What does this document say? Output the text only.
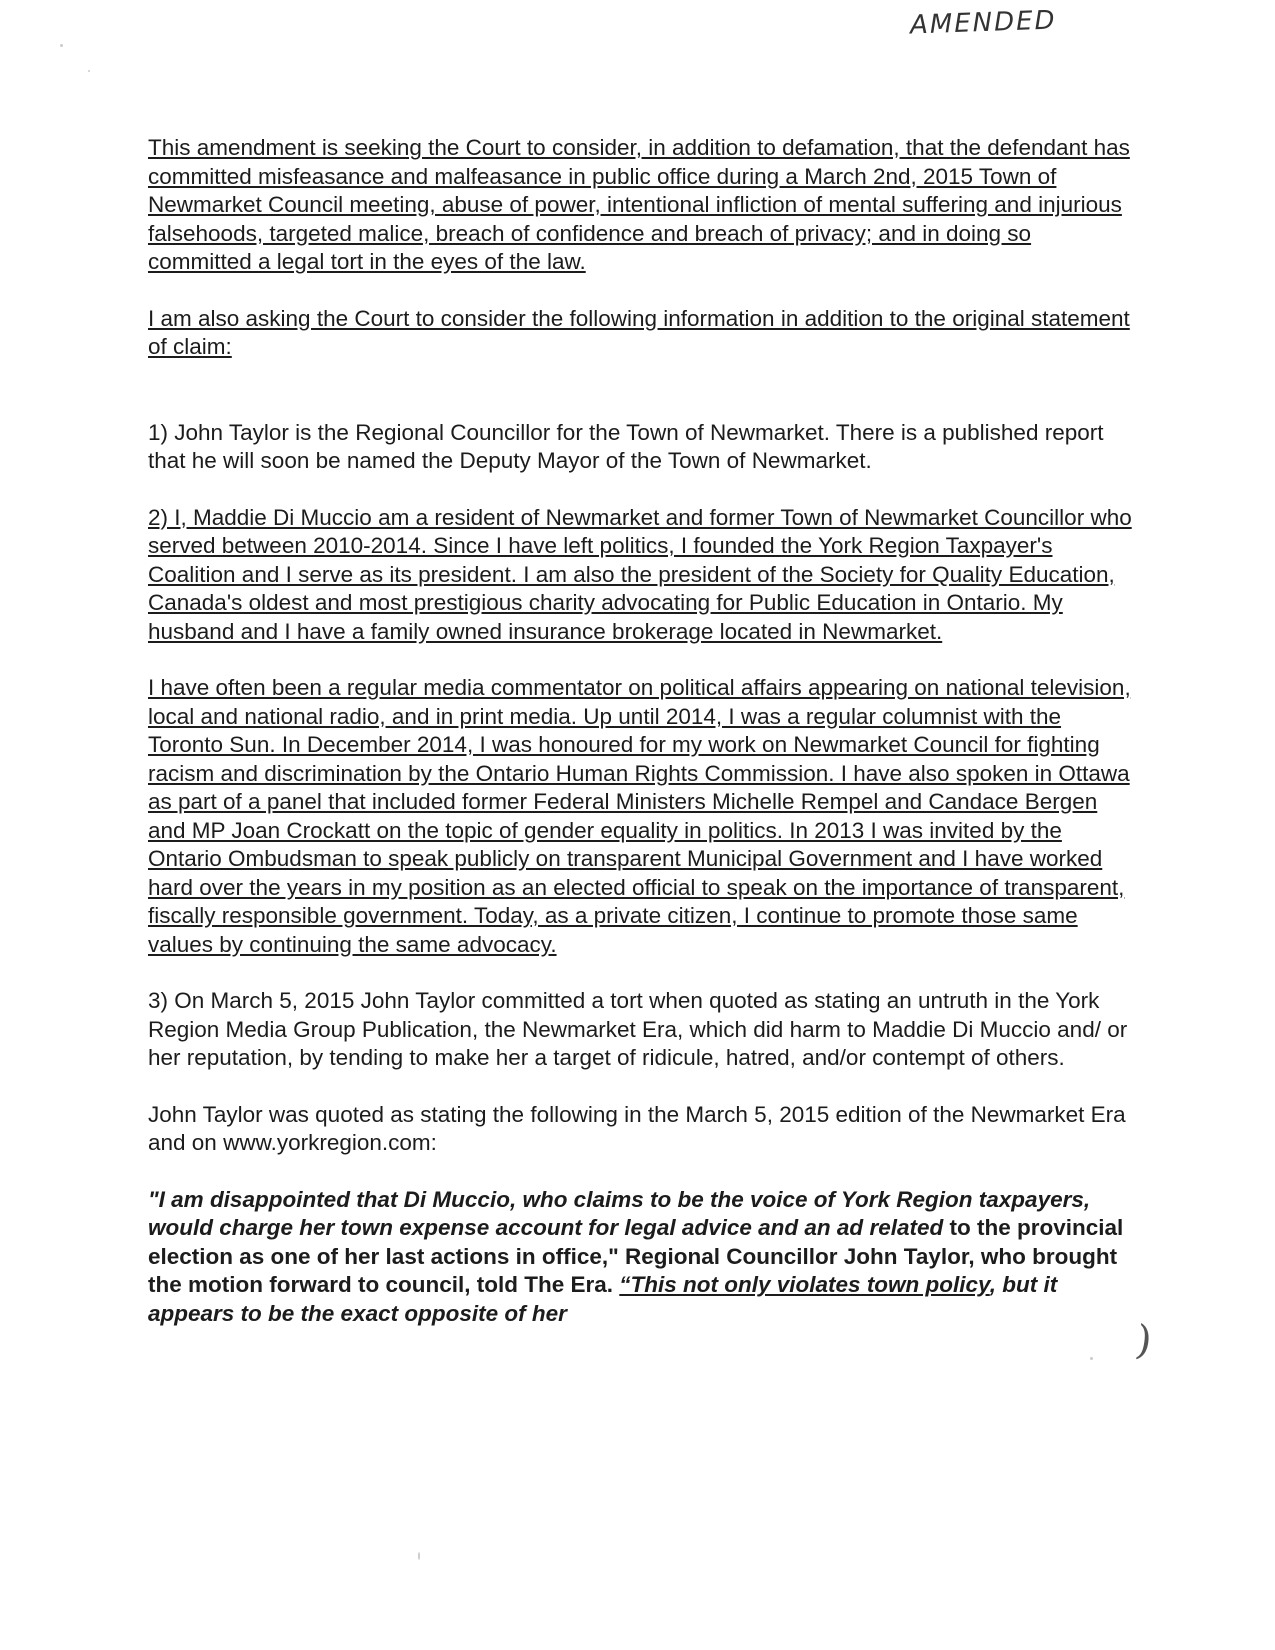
AMENDED

This amendment is seeking the Court to consider, in addition to defamation, that the defendant has committed misfeasance and malfeasance in public office during a March 2nd, 2015 Town of Newmarket Council meeting, abuse of power, intentional infliction of mental suffering and injurious falsehoods, targeted malice, breach of confidence and breach of privacy; and in doing so committed a legal tort in the eyes of the law.

I am also asking the Court to consider the following information in addition to the original statement of claim:

1) John Taylor is the Regional Councillor for the Town of Newmarket. There is a published report that he will soon be named the Deputy Mayor of the Town of Newmarket.

2) I, Maddie Di Muccio am a resident of Newmarket and former Town of Newmarket Councillor who served between 2010-2014. Since I have left politics, I founded the York Region Taxpayer's Coalition and I serve as its president. I am also the president of the Society for Quality Education, Canada's oldest and most prestigious charity advocating for Public Education in Ontario. My husband and I have a family owned insurance brokerage located in Newmarket.

I have often been a regular media commentator on political affairs appearing on national television, local and national radio, and in print media. Up until 2014, I was a regular columnist with the Toronto Sun. In December 2014, I was honoured for my work on Newmarket Council for fighting racism and discrimination by the Ontario Human Rights Commission. I have also spoken in Ottawa as part of a panel that included former Federal Ministers Michelle Rempel and Candace Bergen and MP Joan Crockatt on the topic of gender equality in politics. In 2013 I was invited by the Ontario Ombudsman to speak publicly on transparent Municipal Government and I have worked hard over the years in my position as an elected official to speak on the importance of transparent, fiscally responsible government. Today, as a private citizen, I continue to promote those same values by continuing the same advocacy.

3) On March 5, 2015 John Taylor committed a tort when quoted as stating an untruth in the York Region Media Group Publication, the Newmarket Era, which did harm to Maddie Di Muccio and/ or her reputation, by tending to make her a target of ridicule, hatred, and/or contempt of others.

John Taylor was quoted as stating the following in the March 5, 2015 edition of the Newmarket Era and on www.yorkregion.com:

"I am disappointed that Di Muccio, who claims to be the voice of York Region taxpayers, would charge her town expense account for legal advice and an ad related to the provincial election as one of her last actions in office," Regional Councillor John Taylor, who brought the motion forward to council, told The Era. “This not only violates town policy, but it appears to be the exact opposite of her

)
